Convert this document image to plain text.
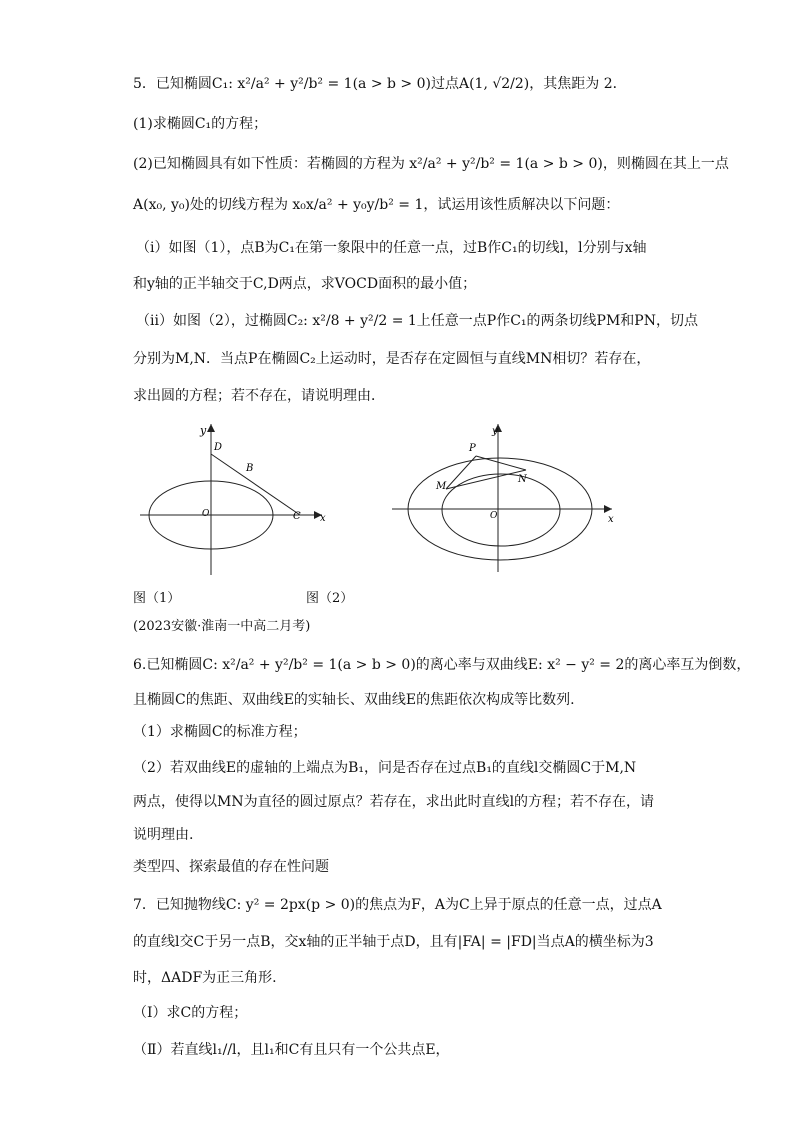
5．已知椭圆C₁: x²/a² + y²/b² = 1(a > b > 0)过点A(1, √2/2)，其焦距为 2．
(1)求椭圆C₁的方程；
(2)已知椭圆具有如下性质：若椭圆的方程为 x²/a² + y²/b² = 1(a > b > 0)，则椭圆在其上一点
A(x₀, y₀)处的切线方程为 x₀x/a² + y₀y/b² = 1，试运用该性质解决以下问题：
（i）如图（1），点B为C₁在第一象限中的任意一点，过B作C₁的切线l，l分别与x轴
和y轴的正半轴交于C,D两点，求VOCD面积的最小值；
（ii）如图（2），过椭圆C₂: x²/8 + y²/2 = 1上任意一点P作C₁的两条切线PM和PN，切点
分别为M,N．当点P在椭圆C₂上运动时，是否存在定圆恒与直线MN相切？若存在，
求出圆的方程；若不存在，请说明理由．
y
D
B
O	C x
P
y
M
N
O	x
图（1）	图（2）
(2023安徽·淮南一中高二月考)
6.已知椭圆C: x²/a² + y²/b² = 1(a > b > 0)的离心率与双曲线E: x² − y² = 2的离心率互为倒数，
且椭圆C的焦距、双曲线E的实轴长、双曲线E的焦距依次构成等比数列.
（1）求椭圆C的标准方程；
（2）若双曲线E的虚轴的上端点为B₁，问是否存在过点B₁的直线l交椭圆C于M,N
两点，使得以MN为直径的圆过原点？若存在，求出此时直线l的方程；若不存在，请
说明理由.
类型四、探索最值的存在性问题
7．已知抛物线C: y² = 2px(p > 0)的焦点为F，A为C上异于原点的任意一点，过点A
的直线l交C于另一点B，交x轴的正半轴于点D，且有|FA| = |FD|当点A的横坐标为3
时，ΔADF为正三角形.
（Ⅰ）求C的方程；
（Ⅱ）若直线l₁//l，且l₁和C有且只有一个公共点E，
